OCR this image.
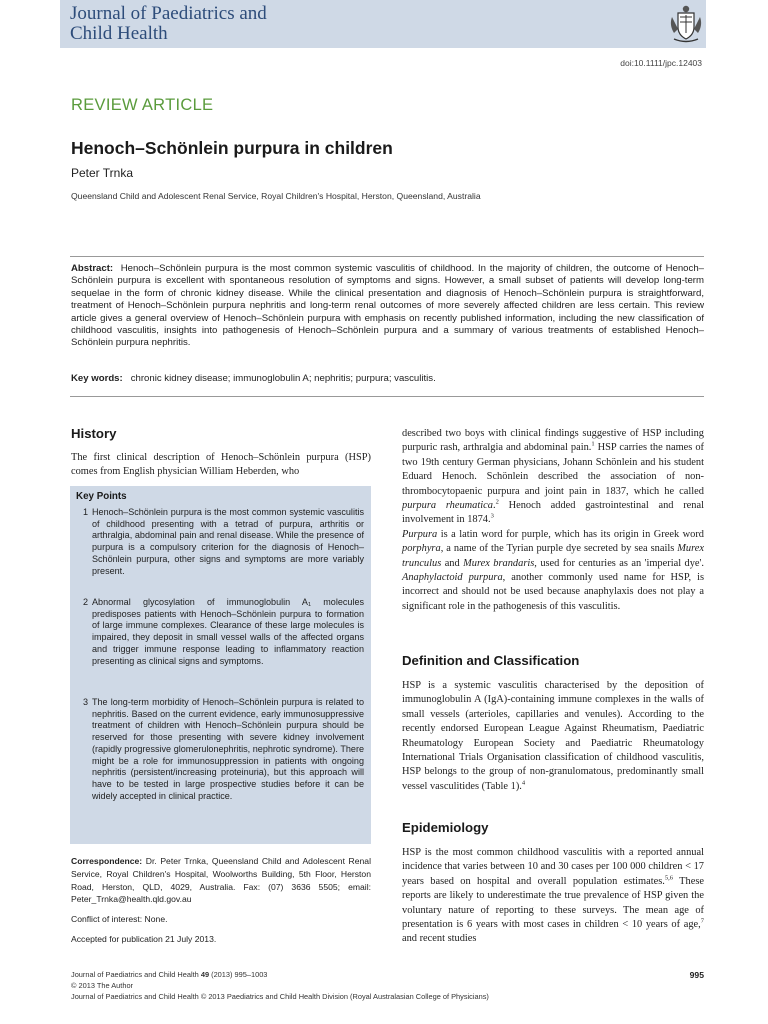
Journal of Paediatrics and
Child Health
doi:10.1111/jpc.12403
REVIEW ARTICLE
Henoch–Schönlein purpura in children
Peter Trnka
Queensland Child and Adolescent Renal Service, Royal Children's Hospital, Herston, Queensland, Australia
Abstract: Henoch–Schönlein purpura is the most common systemic vasculitis of childhood. In the majority of children, the outcome of Henoch–Schönlein purpura is excellent with spontaneous resolution of symptoms and signs. However, a small subset of patients will develop long-term sequelae in the form of chronic kidney disease. While the clinical presentation and diagnosis of Henoch–Schönlein purpura is straightforward, treatment of Henoch–Schönlein purpura nephritis and long-term renal outcomes of more severely affected children are less certain. This review article gives a general overview of Henoch–Schönlein purpura with emphasis on recently published information, including the new classification of childhood vasculitis, insights into pathogenesis of Henoch–Schönlein purpura and a summary of various treatments of established Henoch–Schönlein purpura nephritis.
Key words: chronic kidney disease; immunoglobulin A; nephritis; purpura; vasculitis.
History
The first clinical description of Henoch–Schönlein purpura (HSP) comes from English physician William Heberden, who
Key Points
1 Henoch–Schönlein purpura is the most common systemic vasculitis of childhood presenting with a tetrad of purpura, arthritis or arthralgia, abdominal pain and renal disease. While the presence of purpura is a compulsory criterion for the diagnosis of Henoch–Schönlein purpura, other signs and symptoms are more variably present.
2 Abnormal glycosylation of immunoglobulin A₁ molecules predisposes patients with Henoch–Schönlein purpura to formation of large immune complexes. Clearance of these large molecules is impaired, they deposit in small vessel walls of the affected organs and trigger immune response leading to inflammatory reaction presenting as clinical signs and symptoms.
3 The long-term morbidity of Henoch–Schönlein purpura is related to nephritis. Based on the current evidence, early immunosuppressive treatment of children with Henoch–Schönlein purpura should be reserved for those presenting with severe kidney involvement (rapidly progressive glomerulonephritis, nephrotic syndrome). There might be a role for immunosuppression in patients with ongoing nephritis (persistent/increasing proteinuria), but this approach will have to be tested in large prospective studies before it can be widely accepted in clinical practice.
Correspondence: Dr. Peter Trnka, Queensland Child and Adolescent Renal Service, Royal Children's Hospital, Woolworths Building, 5th Floor, Herston Road, Herston, QLD, 4029, Australia. Fax: (07) 3636 5505; email: Peter_Trnka@health.qld.gov.au
Conflict of interest: None.
Accepted for publication 21 July 2013.
described two boys with clinical findings suggestive of HSP including purpuric rash, arthralgia and abdominal pain.$^1$ HSP carries the names of two 19th century German physicians, Johann Schönlein and his student Eduard Henoch. Schönlein described the association of non-thrombocytopaenic purpura and joint pain in 1837, which he called purpura rheumatica.$^2$ Henoch added gastrointestinal and renal involvement in 1874.$^3$
Purpura is a latin word for purple, which has its origin in Greek word porphyra, a name of the Tyrian purple dye secreted by sea snails Murex trunculus and Murex brandaris, used for centuries as an 'imperial dye'. Anaphylactoid purpura, another commonly used name for HSP, is incorrect and should not be used because anaphylaxis does not play a significant role in the pathogenesis of this vasculitis.
Definition and Classification
HSP is a systemic vasculitis characterised by the deposition of immunoglobulin A (IgA)-containing immune complexes in the walls of small vessels (arterioles, capillaries and venules). According to the recently endorsed European League Against Rheumatism, Paediatric Rheumatology European Society and Paediatric Rheumatology International Trials Organisation classification of childhood vasculitis, HSP belongs to the group of non-granulomatous, predominantly small vessel vasculitides (Table 1).$^4$
Epidemiology
HSP is the most common childhood vasculitis with a reported annual incidence that varies between 10 and 30 cases per 100 000 children < 17 years based on hospital and overall population estimates.$^{5,6}$ These reports are likely to underestimate the true prevalence of HSP given the voluntary nature of reporting to these surveys. The mean age of presentation is 6 years with most cases in children < 10 years of age,$^7$ and recent studies
Journal of Paediatrics and Child Health 49 (2013) 995–1003
© 2013 The Author
Journal of Paediatrics and Child Health © 2013 Paediatrics and Child Health Division (Royal Australasian College of Physicians)
995
